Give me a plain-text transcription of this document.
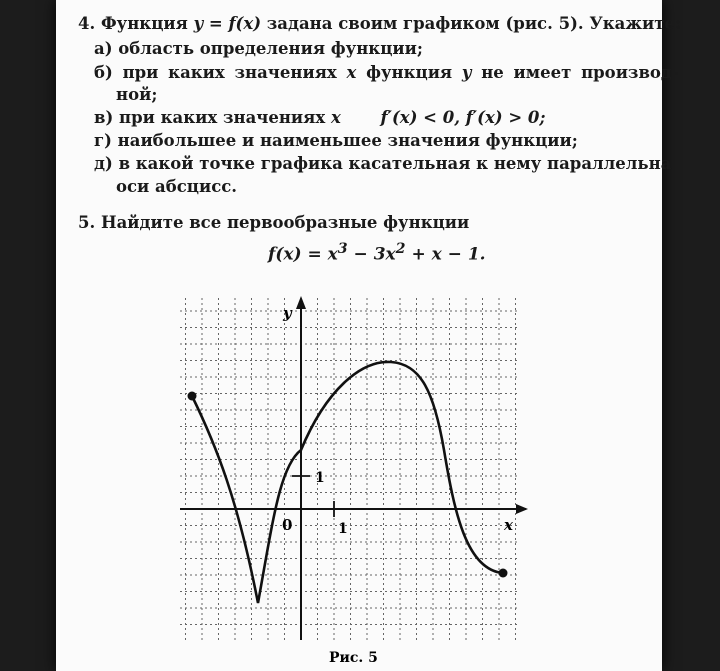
4. Функция y = f(x) задана своим графиком (рис. 5). Укажите:
а) область определения функции;
б) при каких значениях x функция y не имеет производ-
ной;
в) при каких значениях x f′(x) < 0, f′(x) > 0;
г) наибольшее и наименьшее значения функции;
д) в какой точке графика касательная к нему параллельна
оси абсцисс.
5. Найдите все первообразные функции
$f(x) = x^3 - 3x^2 + x - 1$.
y
x
0	1
1
Рис. 5
